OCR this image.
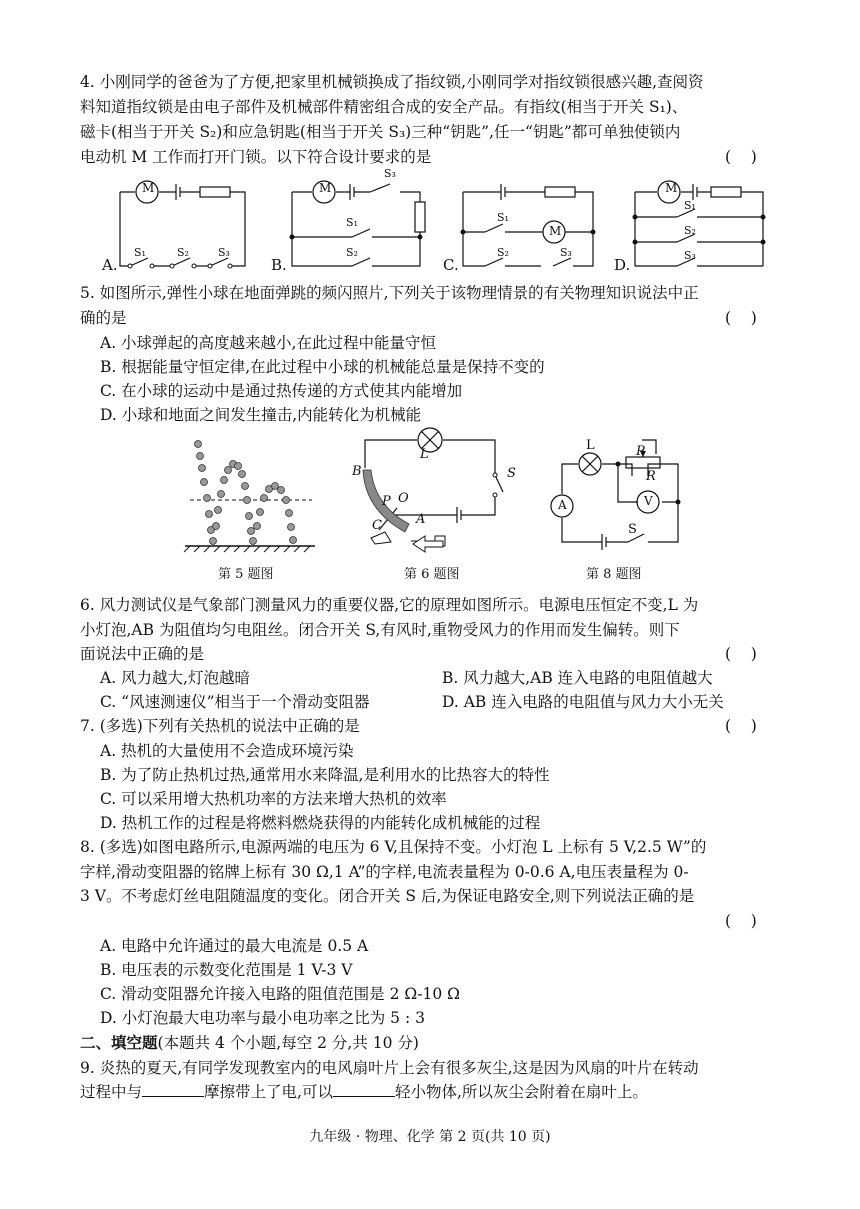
4. 小刚同学的爸爸为了方便,把家里机械锁换成了指纹锁,小刚同学对指纹锁很感兴趣,查阅资
料知道指纹锁是由电子部件及机械部件精密组合成的安全产品。有指纹(相当于开关 S₁)、
磁卡(相当于开关 S₂)和应急钥匙(相当于开关 S₃)三种“钥匙”,任一“钥匙”都可单独使锁内
电动机 M 工作而打开门锁。以下符合设计要求的是	(    )
A.
M
S₁	S₂	S₃
B.
M
S₃
S₁
S₂
C.
S₁
M
S₂	S₃
D.
M
S₁
S₂
S₃
5. 如图所示,弹性小球在地面弹跳的频闪照片,下列关于该物理情景的有关物理知识说法中正
确的是	(    )
A. 小球弹起的高度越来越小,在此过程中能量守恒
B. 根据能量守恒定律,在此过程中小球的机械能总量是保持不变的
C. 在小球的运动中是通过热传递的方式使其内能增加
D. 小球和地面之间发生撞击,内能转化为机械能
第 5 题图
L
S
B
P O
C	A
第 6 题图
L	P
R
A	V
S
第 8 题图
6. 风力测试仪是气象部门测量风力的重要仪器,它的原理如图所示。电源电压恒定不变,L 为
小灯泡,AB 为阻值均匀电阻丝。闭合开关 S,有风时,重物受风力的作用而发生偏转。则下
面说法中正确的是	(    )
A. 风力越大,灯泡越暗	B. 风力越大,AB 连入电路的电阻值越大
C. “风速测速仪”相当于一个滑动变阻器	D. AB 连入电路的电阻值与风力大小无关
7. (多选)下列有关热机的说法中正确的是	(    )
A. 热机的大量使用不会造成环境污染
B. 为了防止热机过热,通常用水来降温,是利用水的比热容大的特性
C. 可以采用增大热机功率的方法来增大热机的效率
D. 热机工作的过程是将燃料燃烧获得的内能转化成机械能的过程
8. (多选)如图电路所示,电源两端的电压为 6 V,且保持不变。小灯泡 L 上标有 5 V,2.5 W”的
字样,滑动变阻器的铭牌上标有 30 Ω,1 A”的字样,电流表量程为 0-0.6 A,电压表量程为 0-
3 V。不考虑灯丝电阻随温度的变化。闭合开关 S 后,为保证电路安全,则下列说法正确的是
(    )
A. 电路中允许通过的最大电流是 0.5 A
B. 电压表的示数变化范围是 1 V-3 V
C. 滑动变阻器允许接入电路的阻值范围是 2 Ω-10 Ω
D. 小灯泡最大电功率与最小电功率之比为 5 : 3
二、填空题(本题共 4 个小题,每空 2 分,共 10 分)
9. 炎热的夏天,有同学发现教室内的电风扇叶片上会有很多灰尘,这是因为风扇的叶片在转动
过程中与	摩擦带上了电,可以	轻小物体,所以灰尘会附着在扇叶上。
九年级 · 物理、化学 第 2 页(共 10 页)
